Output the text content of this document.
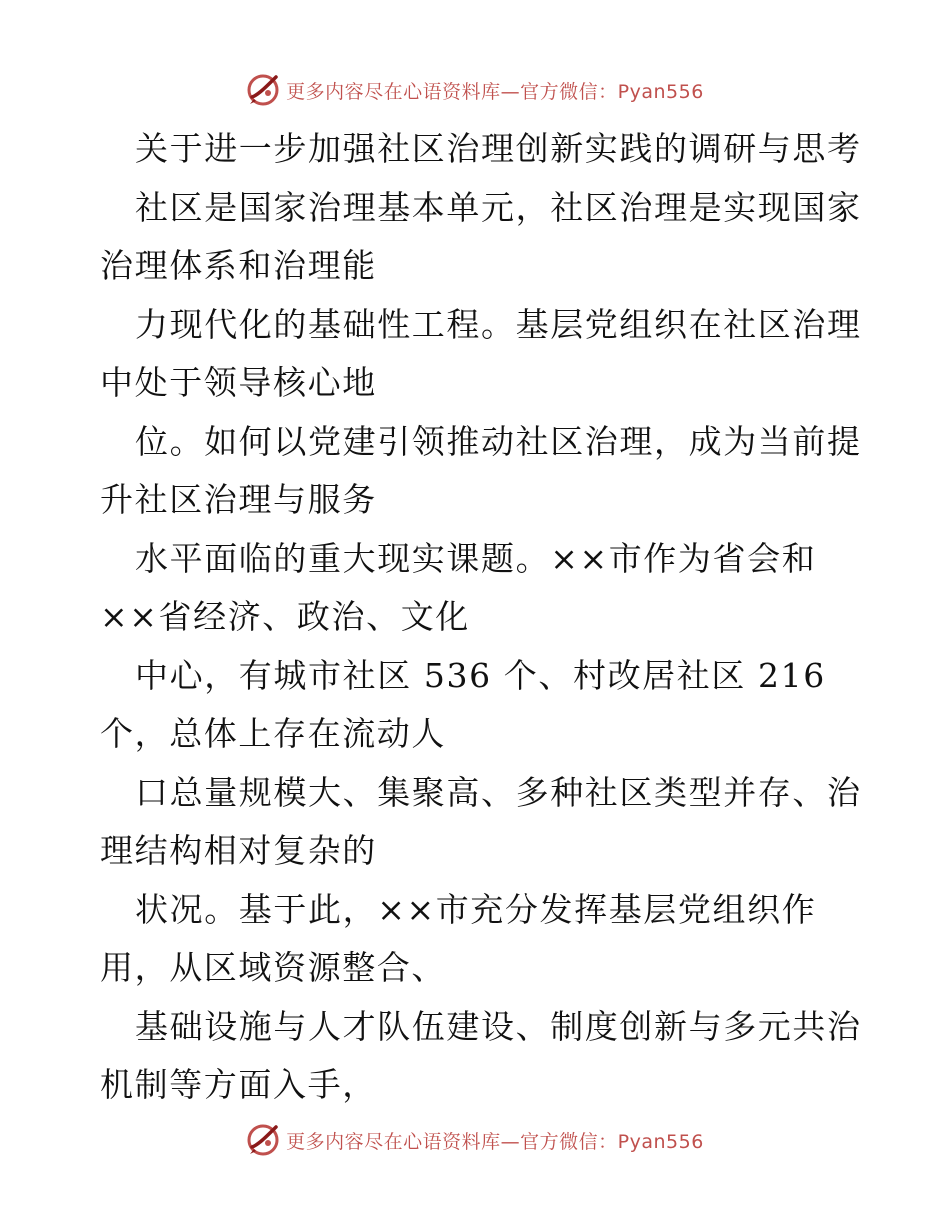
更多内容尽在心语资料库—官方微信：Pyan556
关于进一步加强社区治理创新实践的调研与思考
社区是国家治理基本单元，社区治理是实现国家
治理体系和治理能
力现代化的基础性工程。基层党组织在社区治理
中处于领导核心地
位。如何以党建引领推动社区治理，成为当前提
升社区治理与服务
水平面临的重大现实课题。××市作为省会和
××省经济、政治、文化
中心，有城市社区 536 个、村改居社区 216
个，总体上存在流动人
口总量规模大、集聚高、多种社区类型并存、治
理结构相对复杂的
状况。基于此，××市充分发挥基层党组织作
用，从区域资源整合、
基础设施与人才队伍建设、制度创新与多元共治
机制等方面入手，
更多内容尽在心语资料库—官方微信：Pyan556
